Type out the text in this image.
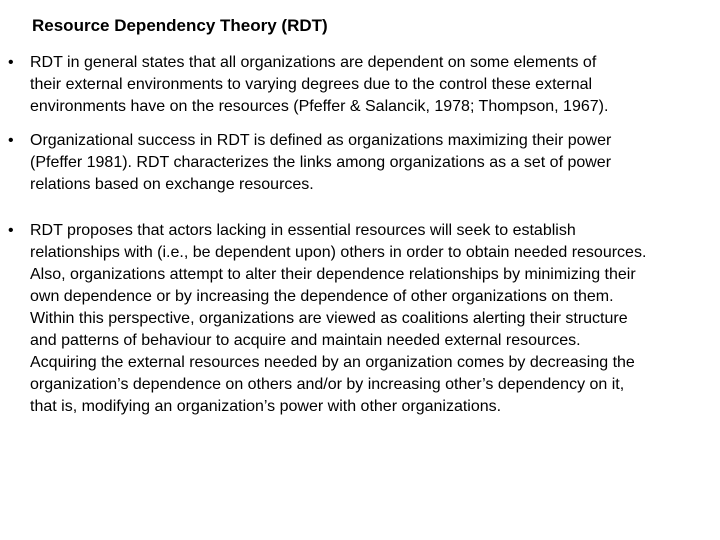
Resource Dependency Theory (RDT)
• RDT in general states that all organizations are dependent on some elements of
their external environments to varying degrees due to the control these external
environments have on the resources (Pfeffer & Salancik, 1978; Thompson, 1967).
• Organizational success in RDT is defined as organizations maximizing their power
(Pfeffer 1981). RDT characterizes the links among organizations as a set of power
relations based on exchange resources.
• RDT proposes that actors lacking in essential resources will seek to establish
relationships with (i.e., be dependent upon) others in order to obtain needed resources.
Also, organizations attempt to alter their dependence relationships by minimizing their
own dependence or by increasing the dependence of other organizations on them.
Within this perspective, organizations are viewed as coalitions alerting their structure
and patterns of behaviour to acquire and maintain needed external resources.
Acquiring the external resources needed by an organization comes by decreasing the
organization’s dependence on others and/or by increasing other’s dependency on it,
that is, modifying an organization’s power with other organizations.
